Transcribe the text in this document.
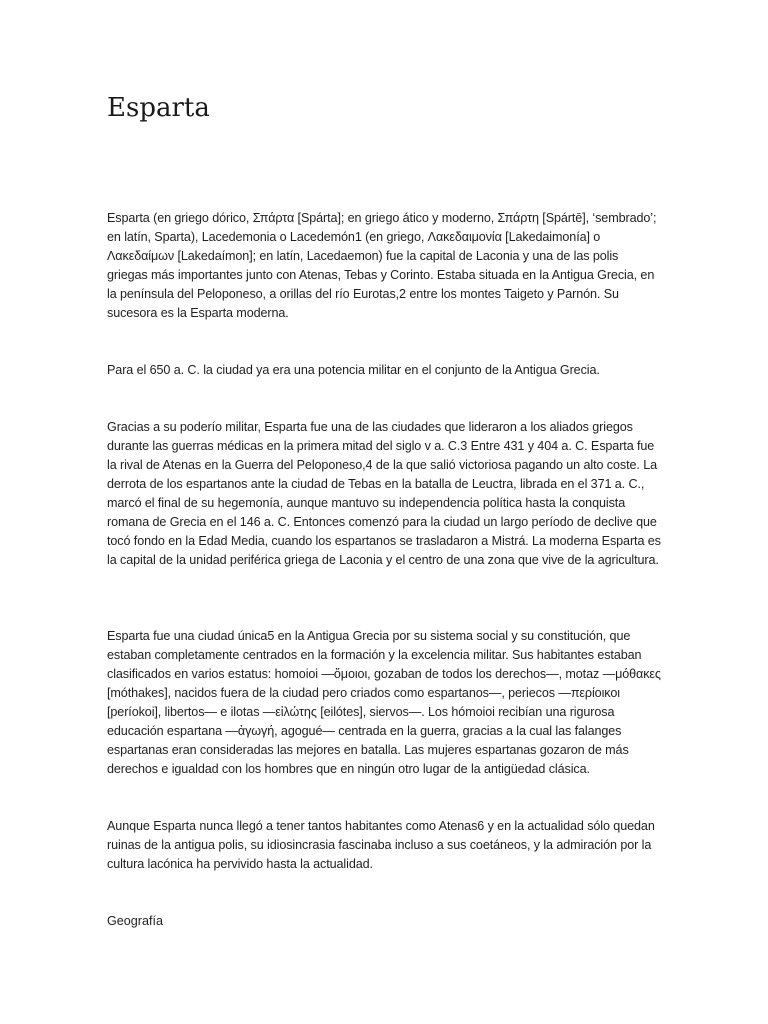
Esparta

Esparta (en griego dórico, Σπάρτα [Spárta]; en griego ático y moderno, Σπάρτη [Spártē], ‘sembrado’; en latín, Sparta), Lacedemonia o Lacedemón1 (en griego, Λακεδαιμονία [Lakedaimonía] o Λακεδαίμων [Lakedaímon]; en latín, Lacedaemon) fue la capital de Laconia y una de las polis griegas más importantes junto con Atenas, Tebas y Corinto. Estaba situada en la Antigua Grecia, en la península del Peloponeso, a orillas del río Eurotas,2 entre los montes Taigeto y Parnón. Su sucesora es la Esparta moderna.

Para el 650 a. C. la ciudad ya era una potencia militar en el conjunto de la Antigua Grecia.

Gracias a su poderío militar, Esparta fue una de las ciudades que lideraron a los aliados griegos durante las guerras médicas en la primera mitad del siglo v a. C.3 Entre 431 y 404 a. C. Esparta fue la rival de Atenas en la Guerra del Peloponeso,4 de la que salió victoriosa pagando un alto coste. La derrota de los espartanos ante la ciudad de Tebas en la batalla de Leuctra, librada en el 371 a. C., marcó el final de su hegemonía, aunque mantuvo su independencia política hasta la conquista romana de Grecia en el 146 a. C. Entonces comenzó para la ciudad un largo período de declive que tocó fondo en la Edad Media, cuando los espartanos se trasladaron a Mistrá. La moderna Esparta es la capital de la unidad periférica griega de Laconia y el centro de una zona que vive de la agricultura.

Esparta fue una ciudad única5 en la Antigua Grecia por su sistema social y su constitución, que estaban completamente centrados en la formación y la excelencia militar. Sus habitantes estaban clasificados en varios estatus: homoioi —ὅμοιοι, gozaban de todos los derechos—, motaz —μόθακες [móthakes], nacidos fuera de la ciudad pero criados como espartanos—, periecos —περίοικοι [períokoi], libertos— e ilotas —εἱλώτης [eilótes], siervos—. Los hómoioi recibían una rigurosa educación espartana —ἀγωγή, agogué— centrada en la guerra, gracias a la cual las falanges espartanas eran consideradas las mejores en batalla. Las mujeres espartanas gozaron de más derechos e igualdad con los hombres que en ningún otro lugar de la antigüedad clásica.

Aunque Esparta nunca llegó a tener tantos habitantes como Atenas6 y en la actualidad sólo quedan ruinas de la antigua polis, su idiosincrasia fascinaba incluso a sus coetáneos, y la admiración por la cultura lacónica ha pervivido hasta la actualidad.

Geografía
